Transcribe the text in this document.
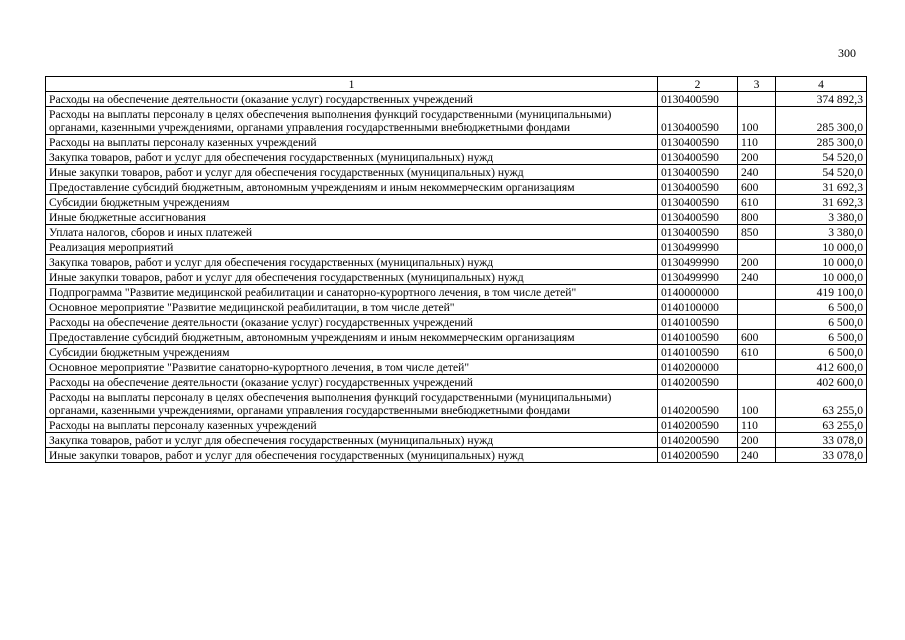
300
1	2	3	4
Расходы на обеспечение деятельности (оказание услуг) государственных учреждений	0130400590		374 892,3
Расходы на выплаты персоналу в целях обеспечения выполнения функций государственными (муниципальными) органами, казенными учреждениями, органами управления государственными внебюджетными фондами	0130400590	100	285 300,0
Расходы на выплаты персоналу казенных учреждений	0130400590	110	285 300,0
Закупка товаров, работ и услуг для обеспечения государственных (муниципальных) нужд	0130400590	200	54 520,0
Иные закупки товаров, работ и услуг для обеспечения государственных (муниципальных) нужд	0130400590	240	54 520,0
Предоставление субсидий бюджетным, автономным учреждениям и иным некоммерческим организациям	0130400590	600	31 692,3
Субсидии бюджетным учреждениям	0130400590	610	31 692,3
Иные бюджетные ассигнования	0130400590	800	3 380,0
Уплата налогов, сборов и иных платежей	0130400590	850	3 380,0
Реализация мероприятий	0130499990		10 000,0
Закупка товаров, работ и услуг для обеспечения государственных (муниципальных) нужд	0130499990	200	10 000,0
Иные закупки товаров, работ и услуг для обеспечения государственных (муниципальных) нужд	0130499990	240	10 000,0
Подпрограмма "Развитие медицинской реабилитации и санаторно-курортного лечения, в том числе детей"	0140000000		419 100,0
Основное мероприятие "Развитие медицинской реабилитации, в том числе детей"	0140100000		6 500,0
Расходы на обеспечение деятельности (оказание услуг) государственных учреждений	0140100590		6 500,0
Предоставление субсидий бюджетным, автономным учреждениям и иным некоммерческим организациям	0140100590	600	6 500,0
Субсидии бюджетным учреждениям	0140100590	610	6 500,0
Основное мероприятие "Развитие санаторно-курортного лечения, в том числе детей"	0140200000		412 600,0
Расходы на обеспечение деятельности (оказание услуг) государственных учреждений	0140200590		402 600,0
Расходы на выплаты персоналу в целях обеспечения выполнения функций государственными (муниципальными) органами, казенными учреждениями, органами управления государственными внебюджетными фондами	0140200590	100	63 255,0
Расходы на выплаты персоналу казенных учреждений	0140200590	110	63 255,0
Закупка товаров, работ и услуг для обеспечения государственных (муниципальных) нужд	0140200590	200	33 078,0
Иные закупки товаров, работ и услуг для обеспечения государственных (муниципальных) нужд	0140200590	240	33 078,0
